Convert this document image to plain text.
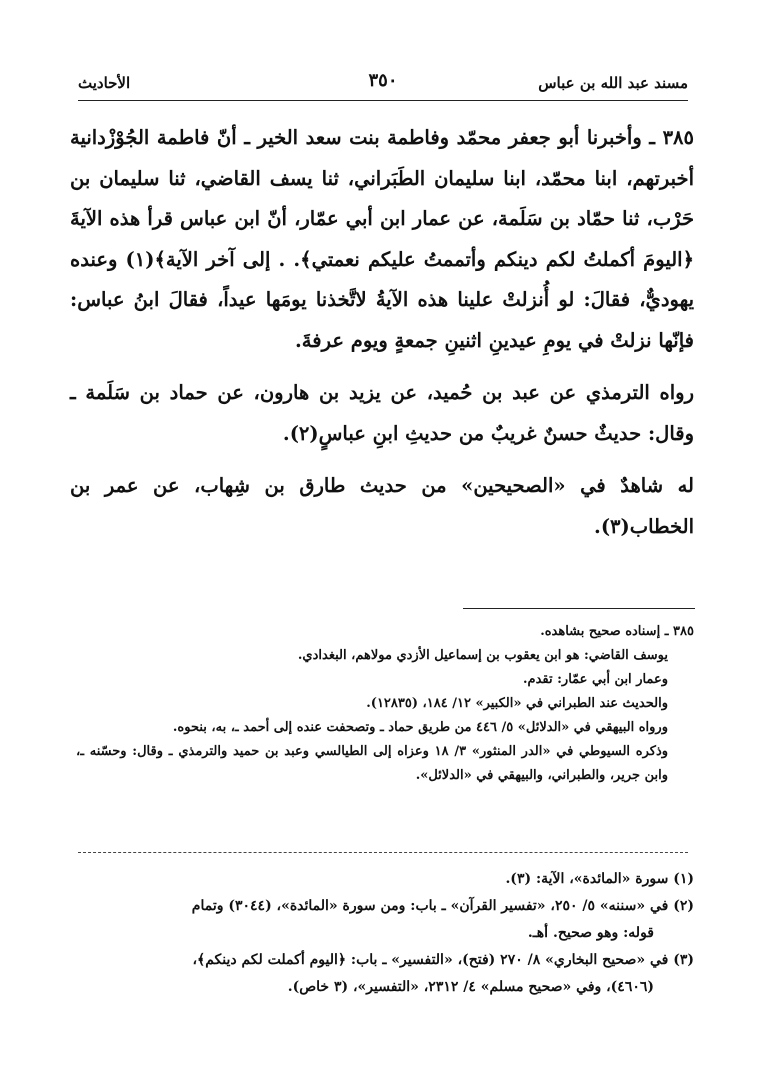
مسند عبد الله بن عباس
٣٥٠
الأحاديث

٣٨٥ ـ وأخبرنا أبو جعفر محمّد وفاطمة بنت سعد الخير ـ أنّ فاطمة الجُوْزْدانية أخبرتهم، ابنا محمّد، ابنا سليمان الطَبَراني، ثنا يسف القاضي، ثنا سليمان بن حَرْب، ثنا حمّاد بن سَلَمة، عن عمار ابن أبي عمّار، أنّ ابن عباس قرأ هذه الآيةَ ﴿اليومَ أكملتُ لكم دينكم وأتممتُ عليكم نعمتي﴾. . إلى آخر الآية﴾(١) وعنده يهوديٌّ، فقالَ: لو أُنزلتْ علينا هذه الآيةُ لاتَّخذنا يومَها عيداً، فقالَ ابنُ عباس: فإنّها نزلتْ في يومِ عيدينِ اثنينِ جمعةٍ ويوم عرفةَ.

رواه الترمذي عن عبد بن حُميد، عن يزيد بن هارون، عن حماد بن سَلَمة ـ وقال: حديثٌ حسنٌ غريبٌ من حديثِ ابنِ عباسٍ(٢).

له شاهدٌ في «الصحيحين» من حديث طارق بن شِهاب، عن عمر بن الخطاب(٣).

٣٨٥ ـ إسناده صحيح بشاهده.
يوسف القاضي: هو ابن يعقوب بن إسماعيل الأزدي مولاهم، البغدادي.
وعمار ابن أبي عمّار: تقدم.
والحديث عند الطبراني في «الكبير» ١٢/ ١٨٤، (١٢٨٣٥).
ورواه البيهقي في «الدلائل» ٥/ ٤٤٦ من طريق حماد ـ وتصحفت عنده إلى أحمد ـ، به، بنحوه.
وذكره السيوطي في «الدر المنثور» ٣/ ١٨ وعزاه إلى الطيالسي وعبد بن حميد والترمذي ـ وقال: وحسّنه ـ، وابن جرير، والطبراني، والبيهقي في «الدلائل».

(١) سورة «المائدة»، الآية: (٣).

(٢) في «سننه» ٥/ ٢٥٠، «تفسير القرآن» ـ باب: ومن سورة «المائدة»، (٣٠٤٤) وتمام

قوله: وهو صحيح. أهـ.

(٣) في «صحيح البخاري» ٨/ ٢٧٠ (فتح)، «التفسير» ـ باب: ﴿اليوم أكملت لكم دينكم﴾،

(٤٦٠٦)، وفي «صحيح مسلم» ٤/ ٢٣١٢، «التفسير»، (٣ خاص).
